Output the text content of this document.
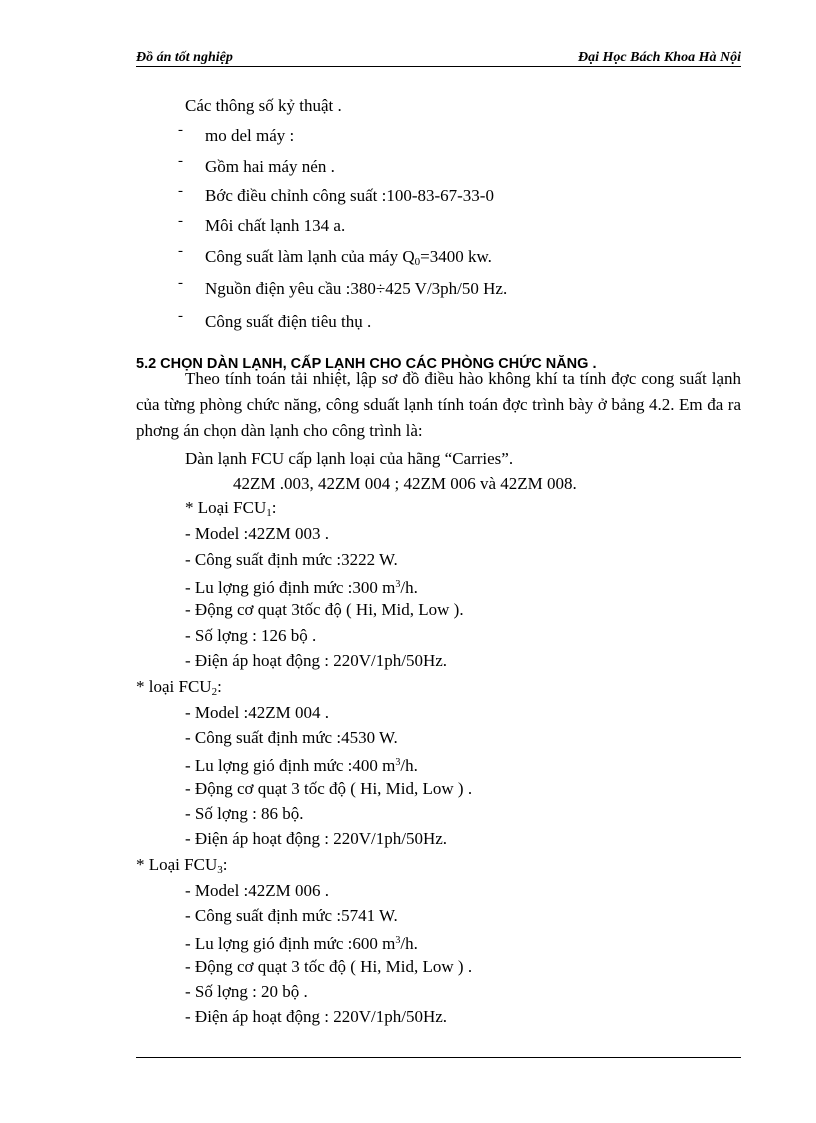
Đồ án tốt nghiệp	Đại Học Bách Khoa Hà Nội
Các thông số kỷ thuật .
- mo del máy :
- Gồm hai máy nén .
- Bớc điều chỉnh công suất :100-83-67-33-0
- Môi chất lạnh 134 a.
- Công suất làm lạnh của máy $Q_0=3400$ kw.
- Nguồn điện yêu cầu :380÷425 V/3ph/50 Hz.
- Công suất điện tiêu thụ .
5.2 CHỌN DÀN LẠNH, CẤP LẠNH CHO CÁC PHÒNG CHỨC NĂNG .
Theo tính toán tải nhiệt, lập sơ đồ điều hào không khí ta tính đợc cong suất lạnh của từng phòng chức năng, công sduất lạnh tính toán đợc trình bày ở bảng 4.2. Em đa ra phơng án chọn dàn lạnh cho công trình là:
Dàn lạnh FCU cấp lạnh loại của hãng “Carries”.
42ZM .003, 42ZM 004 ; 42ZM 006 và 42ZM 008.
* Loại $FCU_1$:
- Model :42ZM 003 .
- Công suất định mức :3222 W.
- Lu lợng gió định mức :300 $m^3/h$.
- Động cơ quạt 3tốc độ ( Hi, Mid, Low ).
- Số lợng : 126 bộ .
- Điện áp hoạt động : 220V/1ph/50Hz.
* loại $FCU_2$:
- Model :42ZM 004 .
- Công suất định mức :4530 W.
- Lu lợng gió định mức :400 $m^3/h$.
- Động cơ quạt 3 tốc độ ( Hi, Mid, Low ) .
- Số lợng : 86 bộ.
- Điện áp hoạt động : 220V/1ph/50Hz.
* Loại $FCU_3$:
- Model :42ZM 006 .
- Công suất định mức :5741 W.
- Lu lợng gió định mức :600 $m^3/h$.
- Động cơ quạt 3 tốc độ ( Hi, Mid, Low ) .
- Số lợng : 20 bộ .
- Điện áp hoạt động : 220V/1ph/50Hz.
